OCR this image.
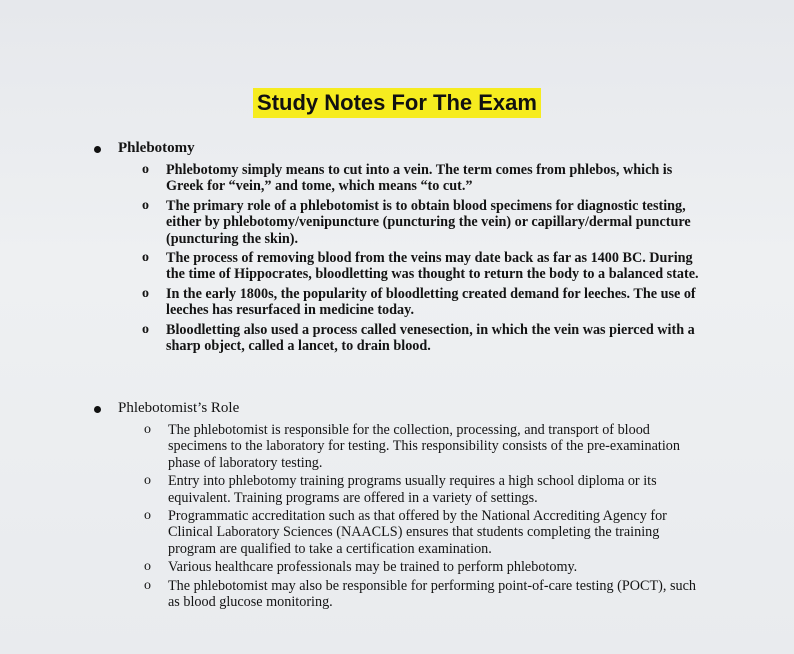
Study Notes For The Exam
Phlebotomy
o Phlebotomy simply means to cut into a vein. The term comes from phlebos, which is Greek for “vein,” and tome, which means “to cut.”
o The primary role of a phlebotomist is to obtain blood specimens for diagnostic testing, either by phlebotomy/venipuncture (puncturing the vein) or capillary/dermal puncture (puncturing the skin).
o The process of removing blood from the veins may date back as far as 1400 BC. During the time of Hippocrates, bloodletting was thought to return the body to a balanced state.
o In the early 1800s, the popularity of bloodletting created demand for leeches. The use of leeches has resurfaced in medicine today.
o Bloodletting also used a process called venesection, in which the vein was pierced with a sharp object, called a lancet, to drain blood.
Phlebotomist’s Role
o The phlebotomist is responsible for the collection, processing, and transport of blood specimens to the laboratory for testing. This responsibility consists of the pre-examination phase of laboratory testing.
o Entry into phlebotomy training programs usually requires a high school diploma or its equivalent. Training programs are offered in a variety of settings.
o Programmatic accreditation such as that offered by the National Accrediting Agency for Clinical Laboratory Sciences (NAACLS) ensures that students completing the training program are qualified to take a certification examination.
o Various healthcare professionals may be trained to perform phlebotomy.
o The phlebotomist may also be responsible for performing point-of-care testing (POCT), such as blood glucose monitoring.
